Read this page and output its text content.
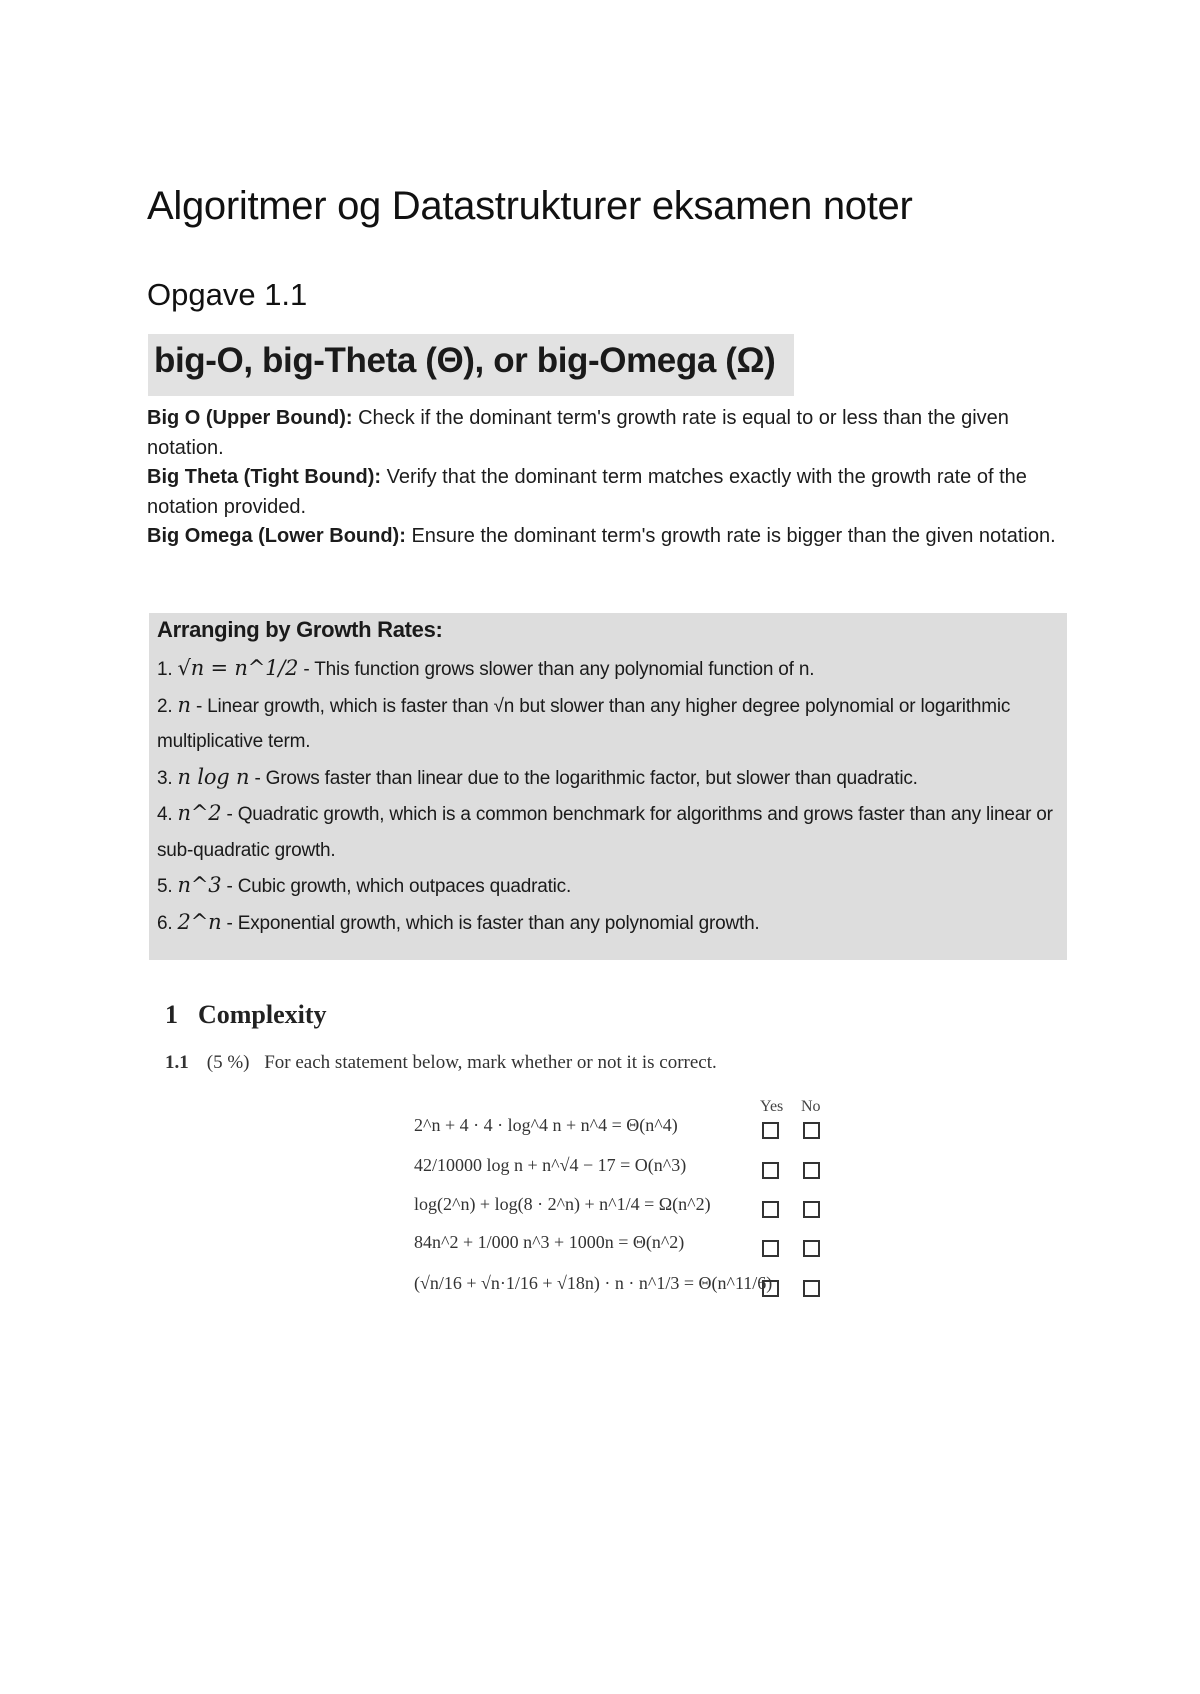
Algoritmer og Datastrukturer eksamen noter
Opgave 1.1
big-O, big-Theta (Θ), or big-Omega (Ω)

Big O (Upper Bound): Check if the dominant term's growth rate is equal to or less than the given notation.

Big Theta (Tight Bound): Verify that the dominant term matches exactly with the growth rate of the notation provided.

Big Omega (Lower Bound): Ensure the dominant term's growth rate is bigger than the given notation.

Arranging by Growth Rates:
1. √n = n^1/2 - This function grows slower than any polynomial function of n.
2. n - Linear growth, which is faster than √n but slower than any higher degree polynomial or logarithmic multiplicative term.
3. n log n - Grows faster than linear due to the logarithmic factor, but slower than quadratic.
4. n^2 - Quadratic growth, which is a common benchmark for algorithms and grows faster than any linear or sub-quadratic growth.
5. n^3 - Cubic growth, which outpaces quadratic.
6. 2^n - Exponential growth, which is faster than any polynomial growth.
1 Complexity
1.1 (5 %) For each statement below, mark whether or not it is correct.
Yes No
2^n + 4 · 4 · log^4 n + n^4 = Θ(n^4)
42/10000 log n + n^√4 − 17 = O(n^3)
log(2^n) + log(8 · 2^n) + n^1/4 = Ω(n^2)
84n^2 + 1/000 n^3 + 1000n = Θ(n^2)
(√n/16 + √n·1/16 + √18n) · n · n^1/3 = Θ(n^11/6)
